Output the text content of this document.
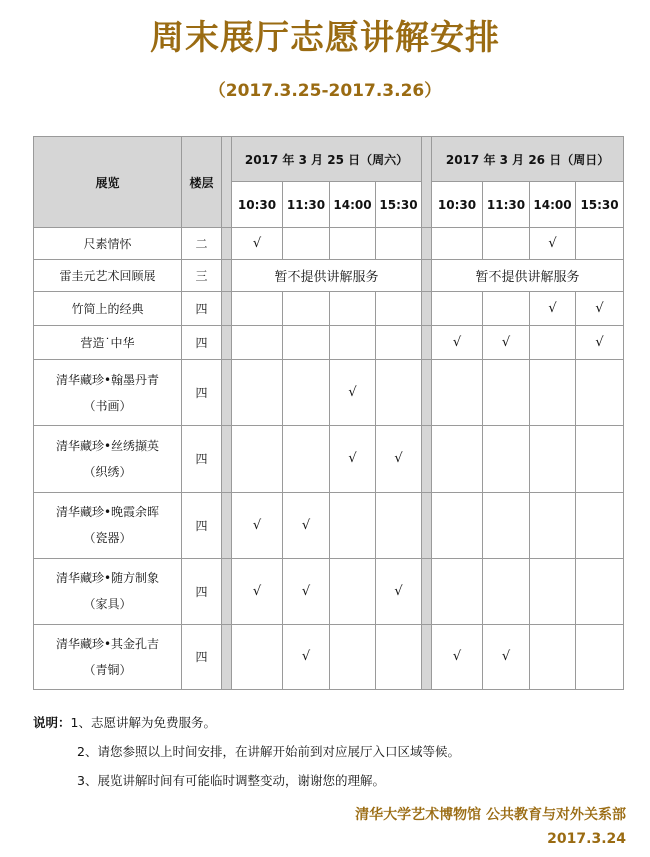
周末展厅志愿讲解安排
（2017.3.25-2017.3.26）
展览	楼层		2017 年 3 月 25 日（周六）					2017 年 3 月 26 日（周日）			
			10:30	11:30	14:00	15:30		10:30	11:30	14:00	15:30

尺素情怀	二		√							√	

雷圭元艺术回顾展	三		暂不提供讲解服务					暂不提供讲解服务			

竹简上的经典	四									√	√

营造˙中华	四							√	√		√

清华藏珍•翰墨丹青
（书画）	四				√						

清华藏珍•丝绣撷英
（织绣）	四				√	√					

清华藏珍•晚霞余晖
（瓷器）	四		√	√							

清华藏珍•随方制象
（家具）	四		√	√		√					

清华藏珍•其金孔吉
（青铜）	四			√				√	√		
说明：1、志愿讲解为免费服务。
2、请您参照以上时间安排，在讲解开始前到对应展厅入口区域等候。
3、展览讲解时间有可能临时调整变动，谢谢您的理解。
清华大学艺术博物馆 公共教育与对外关系部
2017.3.24
